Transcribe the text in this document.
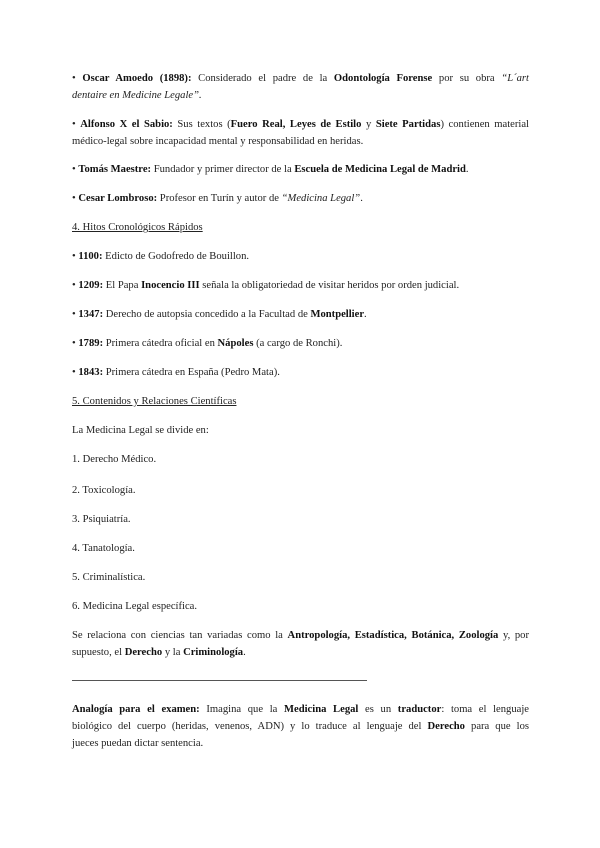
• Oscar Amoedo (1898): Considerado el padre de la Odontología Forense por su obra “L´art
dentaire en Medicine Legale”.
• Alfonso X el Sabio: Sus textos (Fuero Real, Leyes de Estilo y Siete Partidas) contienen material
médico-legal sobre incapacidad mental y responsabilidad en heridas.
• Tomás Maestre: Fundador y primer director de la Escuela de Medicina Legal de Madrid.
• Cesar Lombroso: Profesor en Turín y autor de “Medicina Legal”.
4. Hitos Cronológicos Rápidos
• 1100: Edicto de Godofredo de Bouillon.
• 1209: El Papa Inocencio III señala la obligatoriedad de visitar heridos por orden judicial.
• 1347: Derecho de autopsia concedido a la Facultad de Montpellier.
• 1789: Primera cátedra oficial en Nápoles (a cargo de Ronchi).
• 1843: Primera cátedra en España (Pedro Mata).
5. Contenidos y Relaciones Científicas
La Medicina Legal se divide en:
1. Derecho Médico.
2. Toxicología.
3. Psiquiatría.
4. Tanatología.
5. Criminalística.
6. Medicina Legal específica.
Se relaciona con ciencias tan variadas como la Antropología, Estadística, Botánica, Zoología y, por
supuesto, el Derecho y la Criminología.
Analogía para el examen: Imagina que la Medicina Legal es un traductor: toma el lenguaje
biológico del cuerpo (heridas, venenos, ADN) y lo traduce al lenguaje del Derecho para que los
jueces puedan dictar sentencia.
